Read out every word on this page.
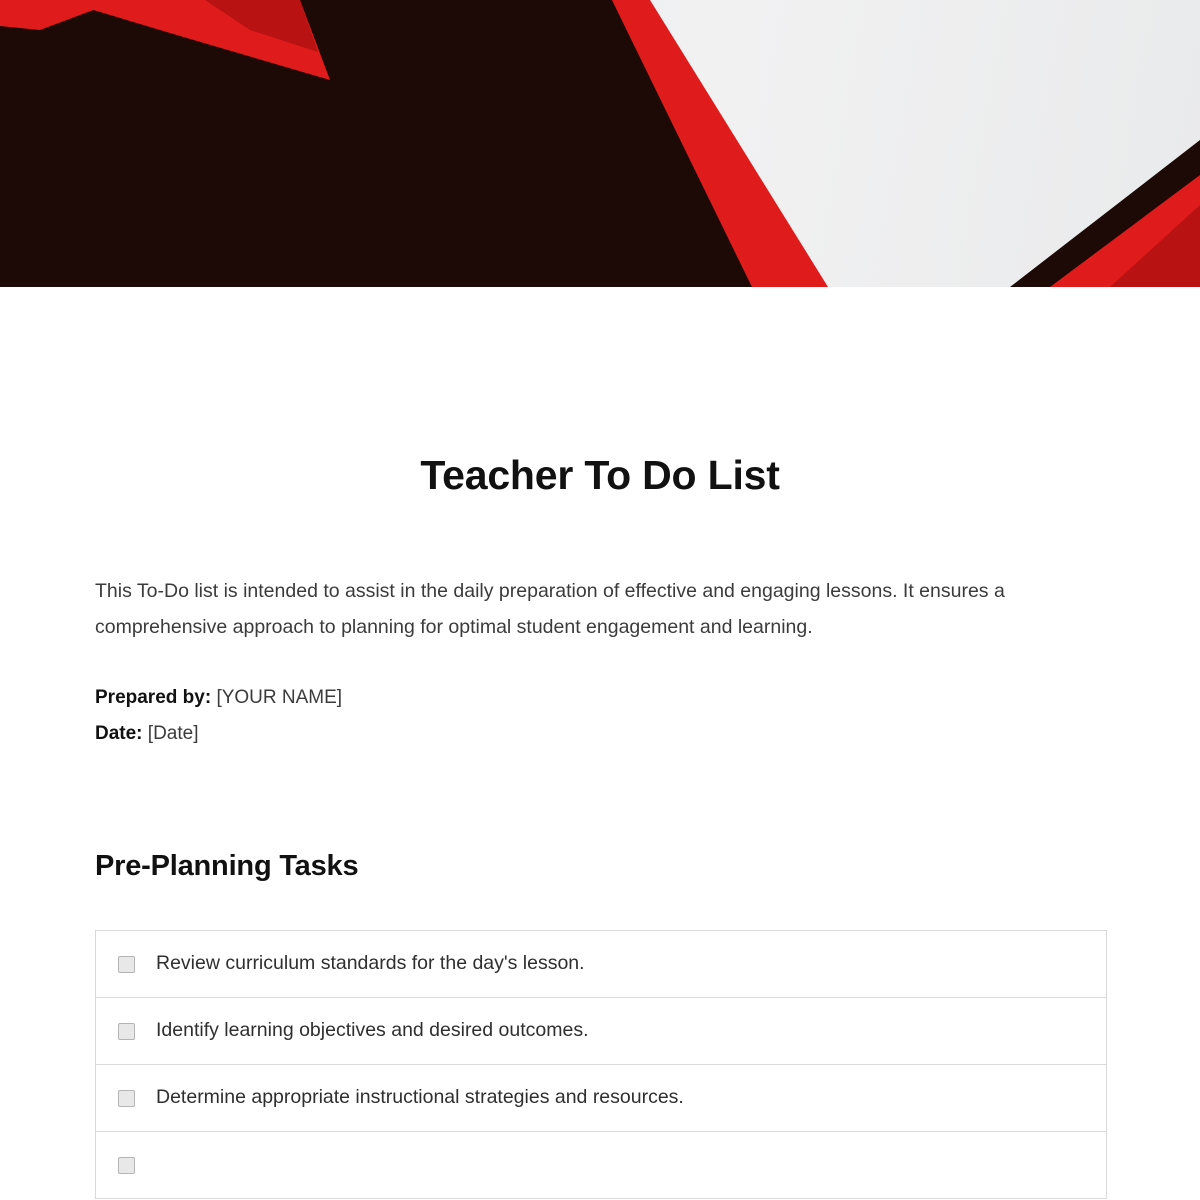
Teacher To Do List

This To-Do list is intended to assist in the daily preparation of effective and engaging lessons. It ensures a comprehensive approach to planning for optimal student engagement and learning.

Prepared by: [YOUR NAME]
Date: [Date]
Pre-Planning Tasks
Review curriculum standards for the day's lesson.
Identify learning objectives and desired outcomes.
Determine appropriate instructional strategies and resources.
